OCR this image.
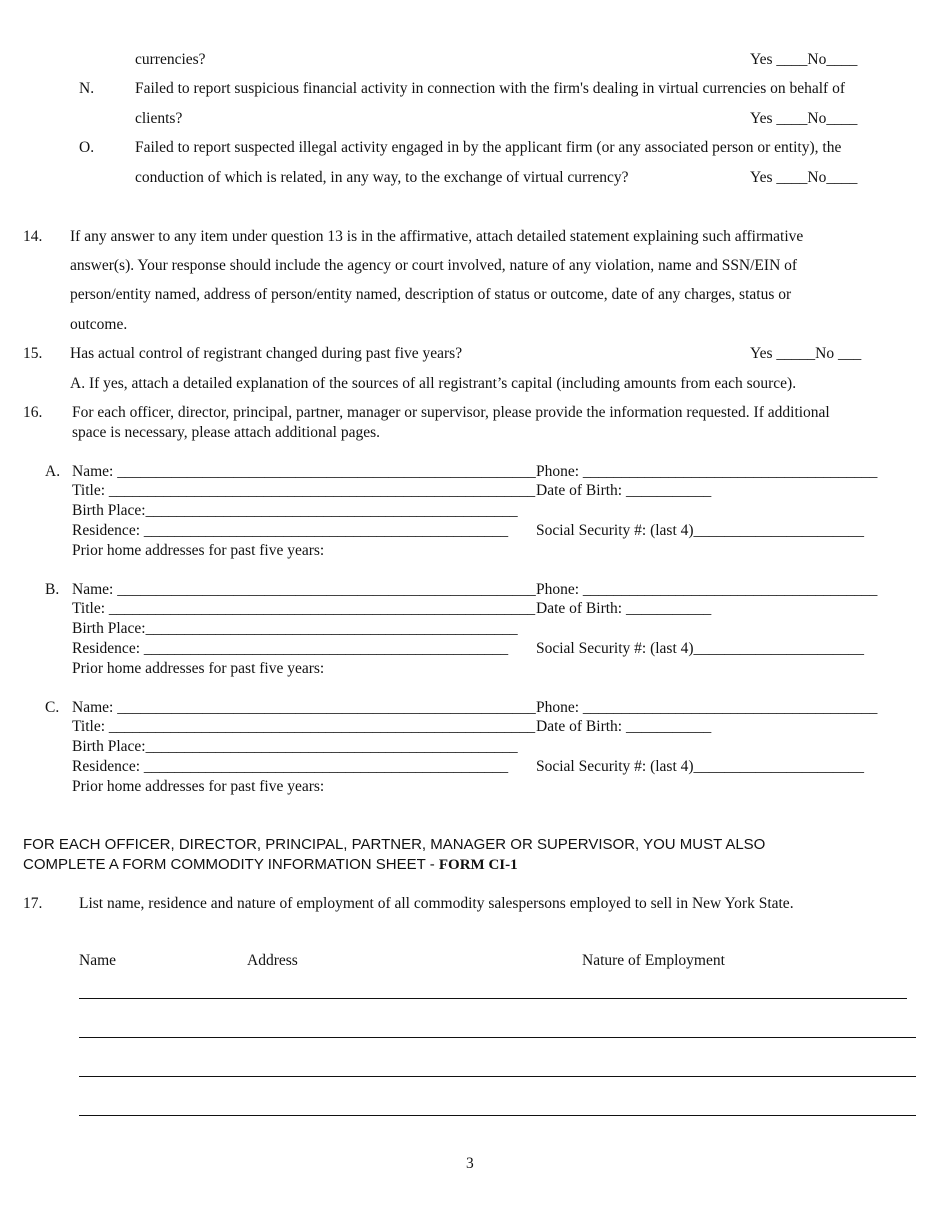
currencies?	Yes ____No____
N.	Failed to report suspicious financial activity in connection with the firm's dealing in virtual currencies on behalf of
clients?	Yes ____No____
O.	Failed to report suspected illegal activity engaged in by the applicant firm (or any associated person or entity), the
conduction of which is related, in any way, to the exchange of virtual currency?	Yes ____No____
14. If any answer to any item under question 13 is in the affirmative, attach detailed statement explaining such affirmative
answer(s). Your response should include the agency or court involved, nature of any violation, name and SSN/EIN of
person/entity named, address of person/entity named, description of status or outcome, date of any charges, status or
outcome.
15. Has actual control of registrant changed during past five years?	Yes _____No ___
A. If yes, attach a detailed explanation of the sources of all registrant’s capital (including amounts from each source).
16. For each officer, director, principal, partner, manager or supervisor, please provide the information requested. If additional
space is necessary, please attach additional pages.
A. Name: ______________________________________________________ Phone: ______________________________________
Title: _______________________________________________________ Date of Birth: ___________
Birth Place:________________________________________________
Residence: _______________________________________________ Social Security #: (last 4)______________________
Prior home addresses for past five years:
B. Name: ______________________________________________________ Phone: ______________________________________
Title: _______________________________________________________ Date of Birth: ___________
Birth Place:________________________________________________
Residence: _______________________________________________ Social Security #: (last 4)______________________
Prior home addresses for past five years:
C. Name: ______________________________________________________ Phone: ______________________________________
Title: _______________________________________________________ Date of Birth: ___________
Birth Place:________________________________________________
Residence: _______________________________________________ Social Security #: (last 4)______________________
Prior home addresses for past five years:
FOR EACH OFFICER, DIRECTOR, PRINCIPAL, PARTNER, MANAGER OR SUPERVISOR, YOU MUST ALSO
COMPLETE A FORM COMMODITY INFORMATION SHEET - FORM CI-1
17. List name, residence and nature of employment of all commodity salespersons employed to sell in New York State.
Name	Address	Nature of Employment
3
